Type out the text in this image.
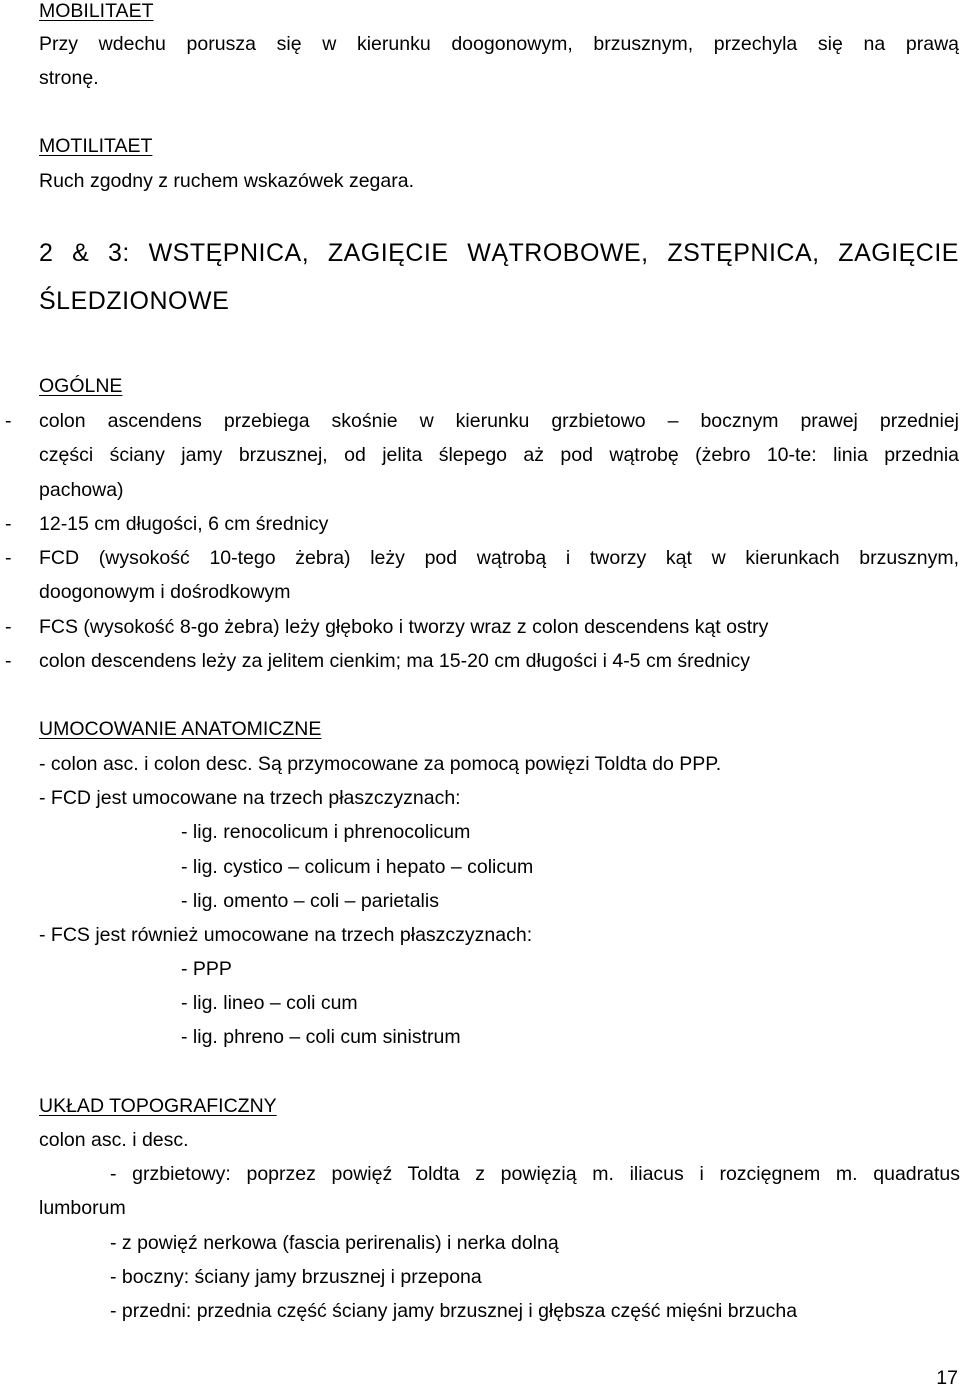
MOBILITAET
Przy wdechu porusza się w kierunku doogonowym, brzusznym, przechyla się na prawą
stronę.
MOTILITAET
Ruch zgodny z ruchem wskazówek zegara.
2 & 3: WSTĘPNICA, ZAGIĘCIE WĄTROBOWE, ZSTĘPNICA, ZAGIĘCIE
ŚLEDZIONOWE
OGÓLNE
- colon ascendens przebiega skośnie w kierunku grzbietowo – bocznym prawej przedniej
części ściany jamy brzusznej, od jelita ślepego aż pod wątrobę (żebro 10-te: linia przednia
pachowa)
- 12-15 cm długości, 6 cm średnicy
- FCD (wysokość 10-tego żebra) leży pod wątrobą i tworzy kąt w kierunkach brzusznym,
doogonowym i dośrodkowym
- FCS (wysokość 8-go żebra) leży głęboko i tworzy wraz z colon descendens kąt ostry
- colon descendens leży za jelitem cienkim; ma 15-20 cm długości i 4-5 cm średnicy
UMOCOWANIE ANATOMICZNE
- colon asc. i colon desc. Są przymocowane za pomocą powięzi Toldta do PPP.
- FCD jest umocowane na trzech płaszczyznach:
- lig. renocolicum i phrenocolicum
- lig. cystico – colicum i hepato – colicum
- lig. omento – coli – parietalis
- FCS jest również umocowane na trzech płaszczyznach:
- PPP
- lig. lineo – coli cum
- lig. phreno – coli cum sinistrum
UKŁAD TOPOGRAFICZNY
colon asc. i desc.
- grzbietowy: poprzez powięź Toldta z powięzią m. iliacus i rozcięgnem m. quadratus
lumborum
- z powięź nerkowa (fascia perirenalis) i nerka dolną
- boczny: ściany jamy brzusznej i przepona
- przedni: przednia część ściany jamy brzusznej i głębsza część mięśni brzucha
17
